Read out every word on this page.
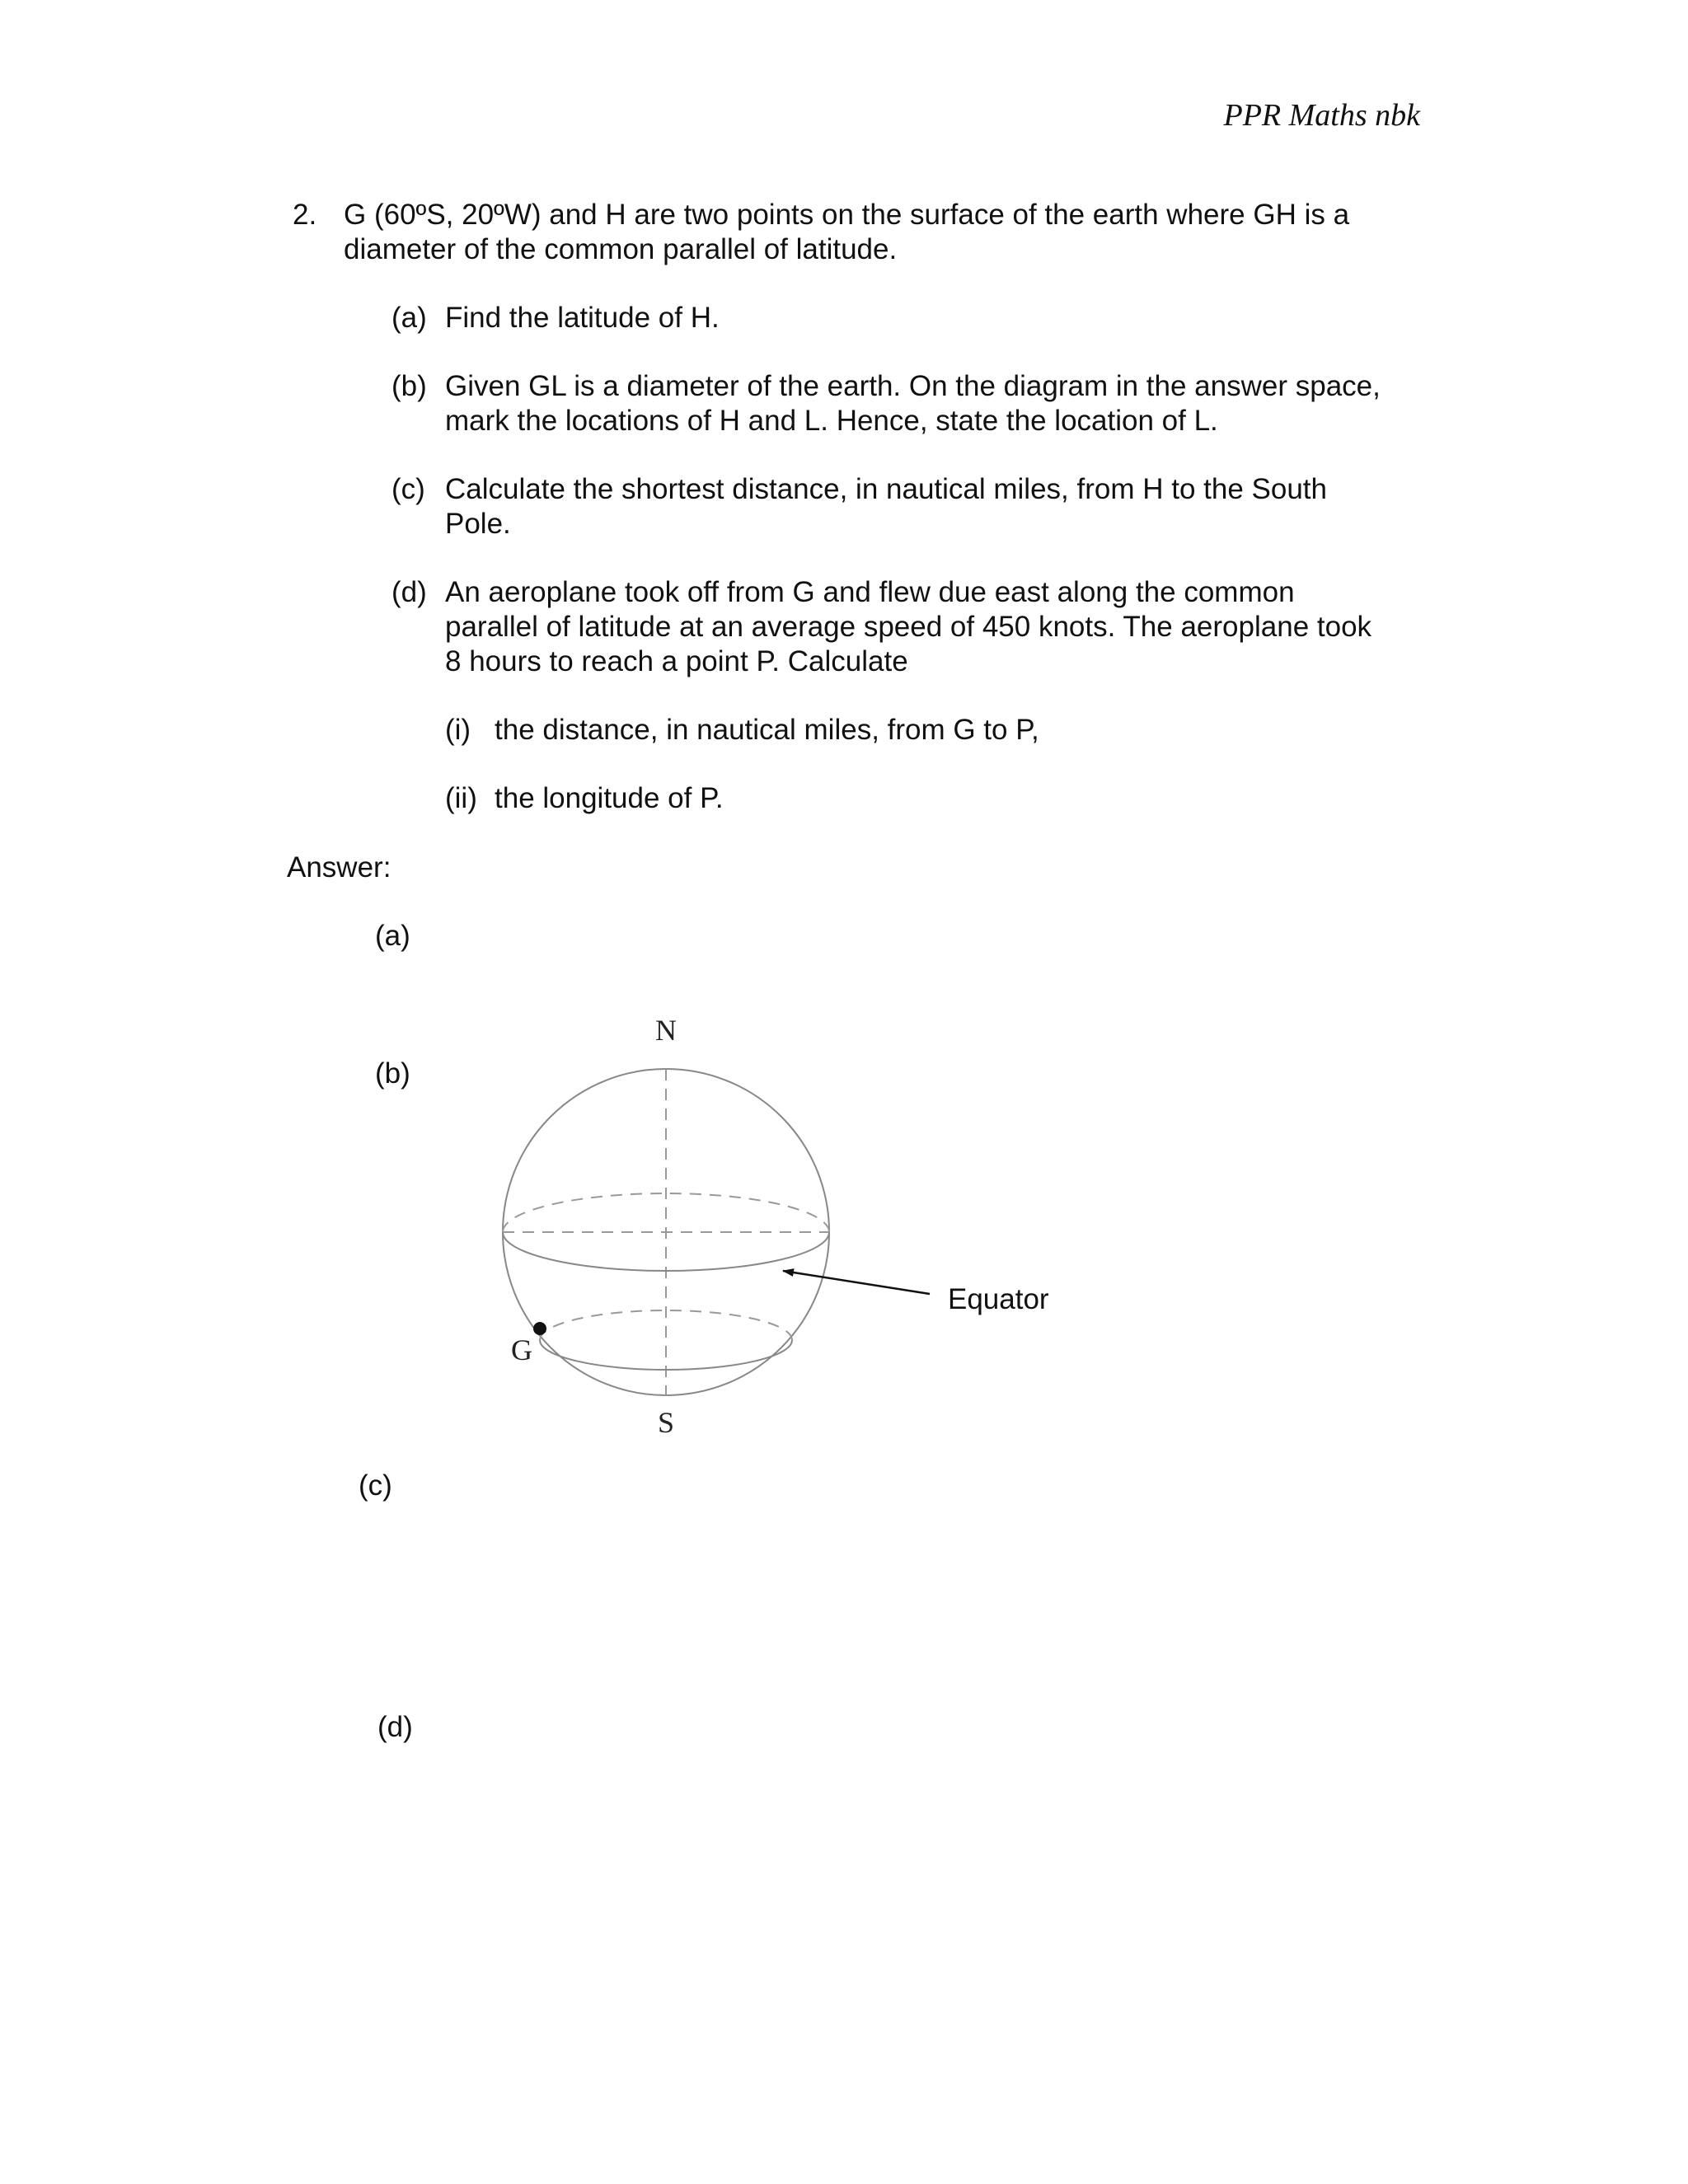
PPR Maths nbk
2. G (60ºS, 20ºW) and H are two points on the surface of the earth where GH is a
diameter of the common parallel of latitude.
(a) Find the latitude of H.
(b) Given GL is a diameter of the earth. On the diagram in the answer space,
mark the locations of H and L. Hence, state the location of L.
(c) Calculate the shortest distance, in nautical miles, from H to the South
Pole.
(d) An aeroplane took off from G and flew due east along the common
parallel of latitude at an average speed of 450 knots. The aeroplane took
8 hours to reach a point P. Calculate
(i) the distance, in nautical miles, from G to P,
(ii) the longitude of P.
Answer:
(a)
(b)
(c)
(d)
N
S
G
Equator
